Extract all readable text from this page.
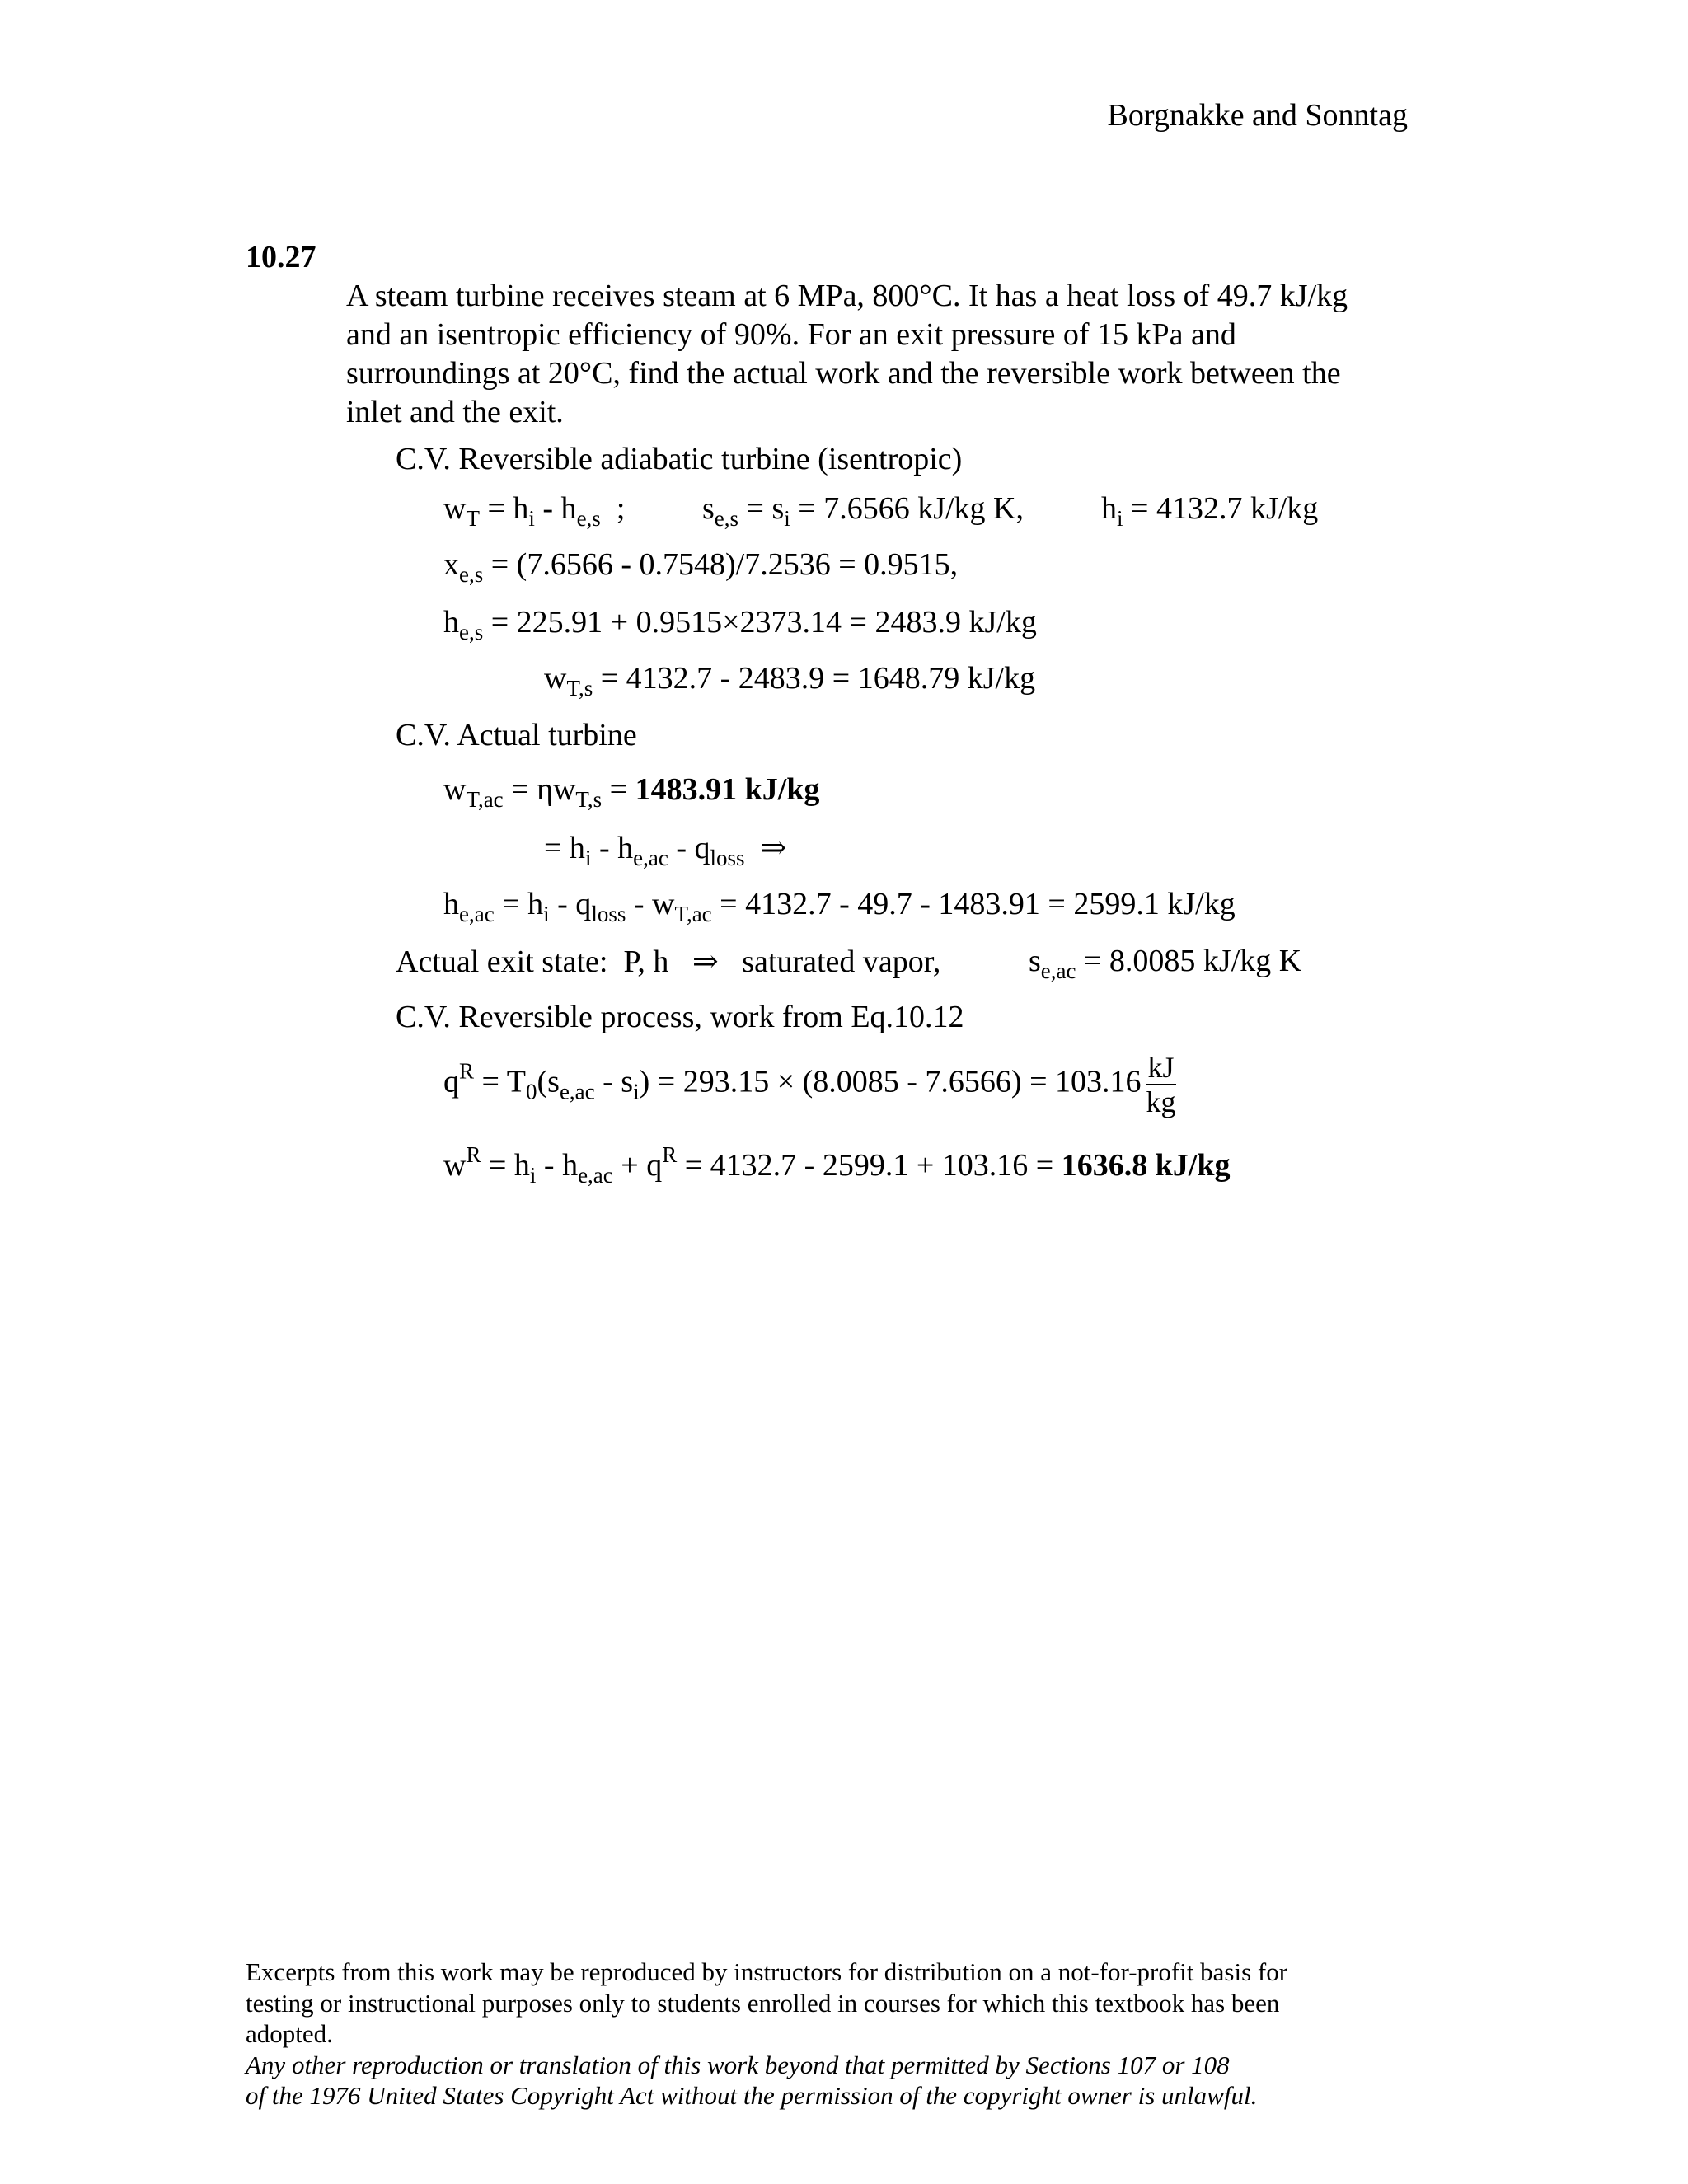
Borgnakke and Sonntag
10.27
A steam turbine receives steam at 6 MPa, 800°C. It has a heat loss of 49.7 kJ/kg
and an isentropic efficiency of 90%. For an exit pressure of 15 kPa and
surroundings at 20°C, find the actual work and the reversible work between the
inlet and the exit.
C.V. Reversible adiabatic turbine (isentropic)
$w_T = h_i - h_{e,s}$  ; $s_{e,s} = s_i = 7.6566$ kJ/kg K, $h_i = 4132.7$ kJ/kg
$x_{e,s} = (7.6566 - 0.7548)/7.2536 = 0.9515$,
$h_{e,s} = 225.91 + 0.9515\times 2373.14 = 2483.9$ kJ/kg
$w_{T,s} = 4132.7 - 2483.9 = 1648.79$ kJ/kg
C.V. Actual turbine
$w_{T,ac} = \eta w_{T,s} = 1483.91$ kJ/kg
= $h_i - h_{e,ac} - q_{loss}$  ⇒
$h_{e,ac} = h_i - q_{loss} - w_{T,ac} = 4132.7 - 49.7 - 1483.91 = 2599.1$ kJ/kg
Actual exit state:  P, h   ⇒   saturated vapor,	$s_{e,ac} = 8.0085$ kJ/kg K
C.V. Reversible process, work from Eq.10.12
$q^R = T_0(s_{e,ac} - s_i) = 293.15 \times (8.0085 - 7.6566) = 103.16 \frac{kJ}{kg}$
$w^R = h_i - h_{e,ac} + q^R = 4132.7 - 2599.1 + 103.16 = 1636.8$ kJ/kg
Excerpts from this work may be reproduced by instructors for distribution on a not-for-profit basis for
testing or instructional purposes only to students enrolled in courses for which this textbook has been
adopted.
Any other reproduction or translation of this work beyond that permitted by Sections 107 or 108
of the 1976 United States Copyright Act without the permission of the copyright owner is unlawful.
